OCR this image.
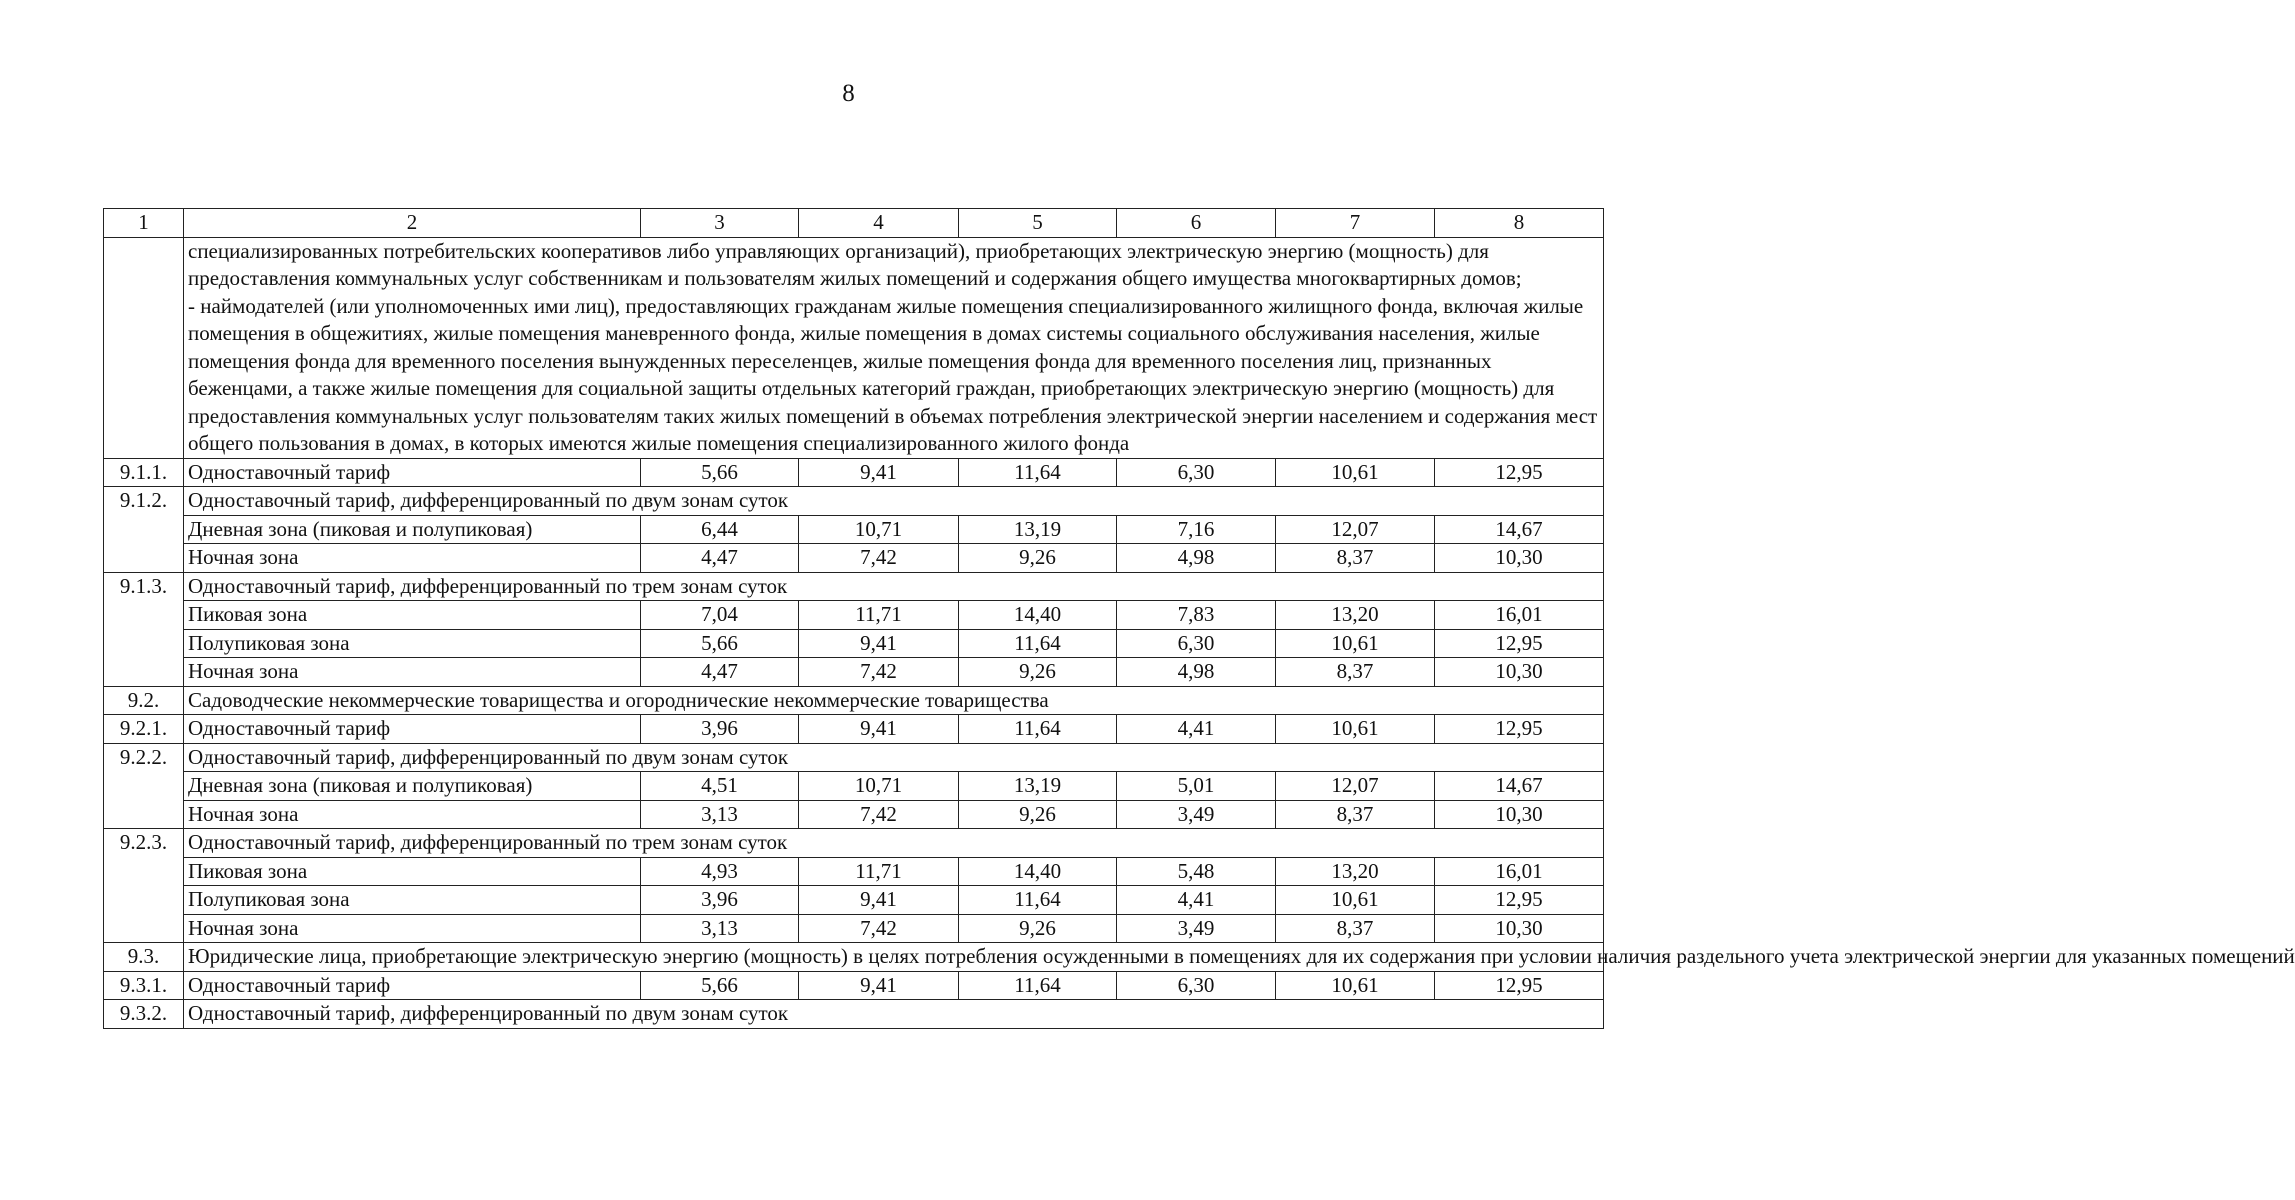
8
1	2	3	4	5	6	7	8
	специализированных потребительских кооперативов либо управляющих организаций), приобретающих электрическую энергию (мощность) для предоставления коммунальных услуг собственникам и пользователям жилых помещений и содержания общего имущества многоквартирных домов;
- наймодателей (или уполномоченных ими лиц), предоставляющих гражданам жилые помещения специализированного жилищного фонда, включая жилые помещения в общежитиях, жилые помещения маневренного фонда, жилые помещения в домах системы социального обслуживания населения, жилые помещения фонда для временного поселения вынужденных переселенцев, жилые помещения фонда для временного поселения лиц, признанных беженцами, а также жилые помещения для социальной защиты отдельных категорий граждан, приобретающих электрическую энергию (мощность) для предоставления коммунальных услуг пользователям таких жилых помещений в объемах потребления электрической энергии населением и содержания мест общего пользования в домах, в которых имеются жилые помещения специализированного жилого фонда						
9.1.1.	Одноставочный тариф	5,66	9,41	11,64	6,30	10,61	12,95
9.1.2.	Одноставочный тариф, дифференцированный по двум зонам суток						
	Дневная зона (пиковая и полупиковая)	6,44	10,71	13,19	7,16	12,07	14,67
	Ночная зона	4,47	7,42	9,26	4,98	8,37	10,30
9.1.3.	Одноставочный тариф, дифференцированный по трем зонам суток						
	Пиковая зона	7,04	11,71	14,40	7,83	13,20	16,01
	Полупиковая зона	5,66	9,41	11,64	6,30	10,61	12,95
	Ночная зона	4,47	7,42	9,26	4,98	8,37	10,30
9.2.	Садоводческие некоммерческие товарищества и огороднические некоммерческие товарищества						
9.2.1.	Одноставочный тариф	3,96	9,41	11,64	4,41	10,61	12,95
9.2.2.	Одноставочный тариф, дифференцированный по двум зонам суток						
	Дневная зона (пиковая и полупиковая)	4,51	10,71	13,19	5,01	12,07	14,67
	Ночная зона	3,13	7,42	9,26	3,49	8,37	10,30
9.2.3.	Одноставочный тариф, дифференцированный по трем зонам суток						
	Пиковая зона	4,93	11,71	14,40	5,48	13,20	16,01
	Полупиковая зона	3,96	9,41	11,64	4,41	10,61	12,95
	Ночная зона	3,13	7,42	9,26	3,49	8,37	10,30
9.3.	Юридические лица, приобретающие электрическую энергию (мощность) в целях потребления осужденными в помещениях для их содержания при условии наличия раздельного учета электрической энергии для указанных помещений						
9.3.1.	Одноставочный тариф	5,66	9,41	11,64	6,30	10,61	12,95
9.3.2.	Одноставочный тариф, дифференцированный по двум зонам суток						
